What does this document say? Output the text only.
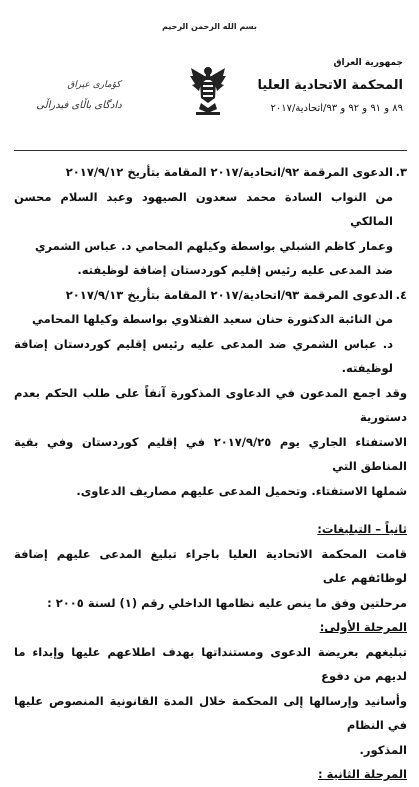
بسم الله الرحمن الرحيم
جمهورية العراق
المحكمة الاتحادية العليا
٨٩ و ٩١ و ٩٢ و ٩٣/اتحادية/٢٠١٧
كۆماری عیراق
دادگای باڵای فیدراڵی

٣.الدعوى المرقمة ٩٢/اتحادية/٢٠١٧ المقامة بتأريخ ٢٠١٧/٩/١٢

من النواب السادة محمد سعدون الصيهود وعبد السلام محسن المالكي

وعمار كاظم الشبلي بواسطة وكيلهم المحامي د. عباس الشمري

ضد المدعى عليه رئيس إقليم كوردستان إضافة لوظيفته.

٤.الدعوى المرقمة ٩٣/اتحادية/٢٠١٧ المقامة بتأريخ ٢٠١٧/٩/١٣

من النائبة الدكتورة حنان سعيد الفتلاوي بواسطة وكيلها المحامي

د. عباس الشمري ضد المدعى عليه رئيس إقليم كوردستان إضافة لوظيفته.

وقد اجمع المدعون في الدعاوى المذكورة آنفاً على طلب الحكم بعدم دستورية

الاستفتاء الجاري يوم ٢٠١٧/٩/٢٥ في إقليم كوردستان وفي بقية المناطق التي

شملها الاستفتاء. وتحميل المدعى عليهم مصاريف الدعاوى.

ثانياً – التبليغات:

قامت المحكمة الاتحادية العليا باجراء تبليغ المدعى عليهم إضافة لوظائفهم على

مرحلتين وفق ما ينص عليه نظامها الداخلي رقم (١) لسنة ٢٠٠٥ :

المرحلة الأولى:

تبليغهم بعريضة الدعوى ومستنداتها بهدف اطلاعهم عليها وإبداء ما لديهم من دفوع

وأسانيد وإرسالها إلى المحكمة خلال المدة القانونية المنصوص عليها في النظام

المذكور.

المرحلة الثانية :
